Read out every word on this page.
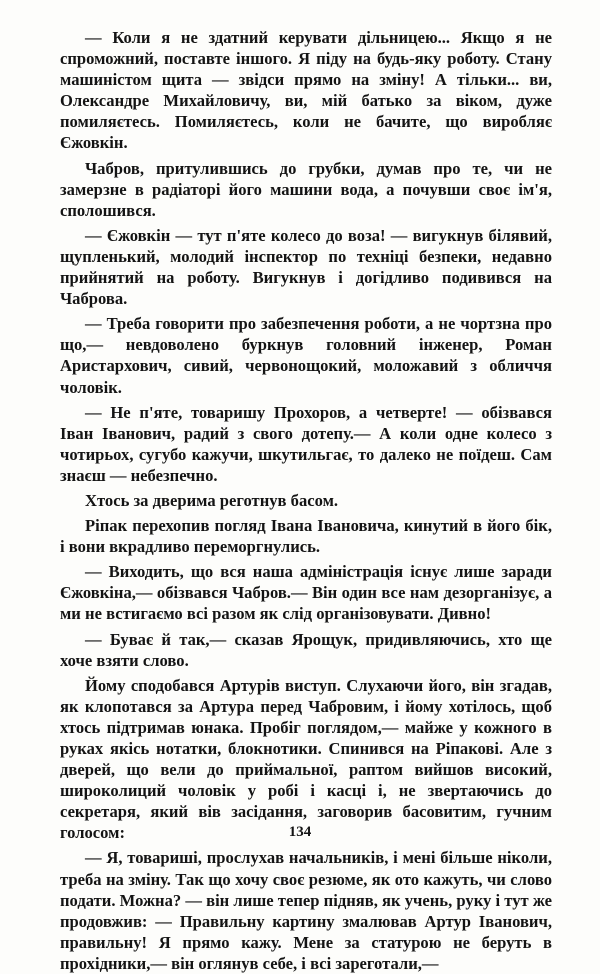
— Коли я не здатний керувати дільницею... Якщо я не спроможний, поставте іншого. Я піду на будь-яку роботу. Стану машиністом щита — звідси прямо на зміну! А тільки... ви, Олександре Михайловичу, ви, мій батько за віком, дуже помиляєтесь. Помиляєтесь, коли не бачите, що виробляє Єжовкін.

Чабров, притулившись до грубки, думав про те, чи не замерзне в радіаторі його машини вода, а почувши своє ім'я, сполошився.

— Єжовкін — тут п'яте колесо до воза! — вигукнув білявий, щупленький, молодий інспектор по техніці безпеки, недавно прийнятий на роботу. Вигукнув і догідливо подивився на Чаброва.

— Треба говорити про забезпечення роботи, а не чортзна про що,— невдоволено буркнув головний інженер, Роман Аристархович, сивий, червонощокий, моложавий з обличчя чоловік.

— Не п'яте, товаришу Прохоров, а четверте! — обізвався Іван Іванович, радий з свого дотепу.— А коли одне колесо з чотирьох, сугубо кажучи, шкутильгає, то далеко не поїдеш. Сам знаєш — небезпечно.

Хтось за дверима реготнув басом.

Ріпак перехопив погляд Івана Івановича, кинутий в його бік, і вони вкрадливо переморгнулись.

— Виходить, що вся наша адміністрація існує лише заради Єжовкіна,— обізвався Чабров.— Він один все нам дезорганізує, а ми не встигаємо всі разом як слід організовувати. Дивно!

— Буває й так,— сказав Ярощук, придивляючись, хто ще хоче взяти слово.

Йому сподобався Артурів виступ. Слухаючи його, він згадав, як клопотався за Артура перед Чабровим, і йому хотілось, щоб хтось підтримав юнака. Пробіг поглядом,— майже у кожного в руках якісь нотатки, блокнотики. Спинився на Ріпакові. Але з дверей, що вели до приймальної, раптом вийшов високий, широколиций чоловік у робі і касці і, не звертаючись до секретаря, який вів засідання, заговорив басовитим, гучним голосом:

— Я, товариші, прослухав начальників, і мені більше ніколи, треба на зміну. Так що хочу своє резюме, як ото кажуть, чи слово подати. Можна? — він лише тепер підняв, як учень, руку і тут же продовжив: — Правильну картину змалював Артур Іванович, правильну! Я прямо кажу. Мене за статурою не беруть в прохідники,— він оглянув себе, і всі зареготали,—

134
